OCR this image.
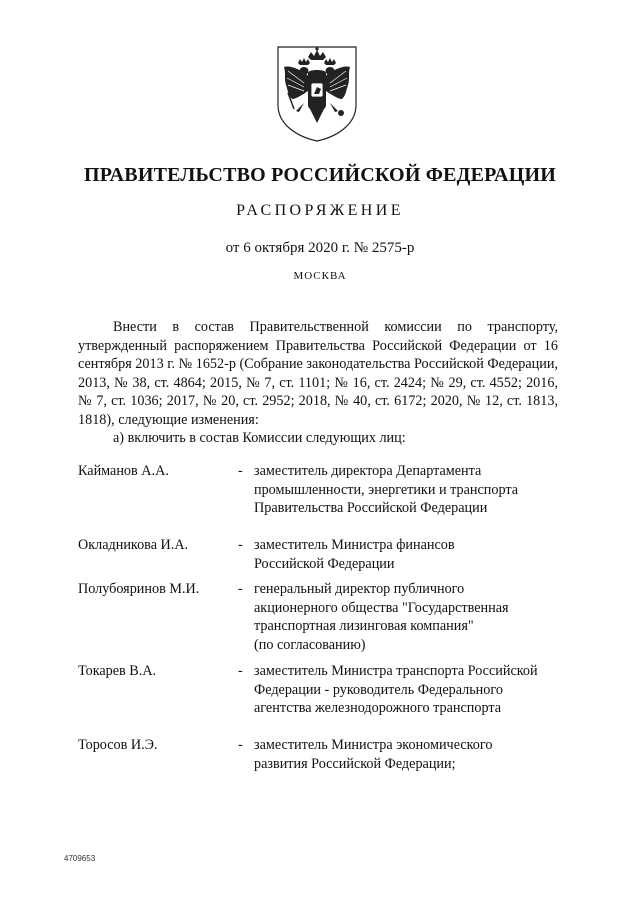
ПРАВИТЕЛЬСТВО РОССИЙСКОЙ ФЕДЕРАЦИИ

РАСПОРЯЖЕНИЕ

от 6 октября 2020 г. № 2575-р

МОСКВА

Внести в состав Правительственной комиссии по транспорту, утвержденный распоряжением Правительства Российской Федерации от 16 сентября 2013 г. № 1652-р (Собрание законодательства Российской Федерации, 2013, № 38, ст. 4864; 2015, № 7, ст. 1101; № 16, ст. 2424; № 29, ст. 4552; 2016, № 7, ст. 1036; 2017, № 20, ст. 2952; 2018, № 40, ст. 6172; 2020, № 12, ст. 1813, 1818), следующие изменения:

а) включить в состав Комиссии следующих лиц:

Кайманов А.А.	- заместитель директора Департамента
промышленности, энергетики и транспорта
Правительства Российской Федерации
Окладникова И.А.	- заместитель Министра финансов
Российской Федерации
Полубояринов М.И.	- генеральный директор публичного
акционерного общества "Государственная
транспортная лизинговая компания"
(по согласованию)
Токарев В.А.	- заместитель Министра транспорта Российской
Федерации - руководитель Федерального
агентства железнодорожного транспорта
Торосов И.Э.	- заместитель Министра экономического
развития Российской Федерации;

4709653
